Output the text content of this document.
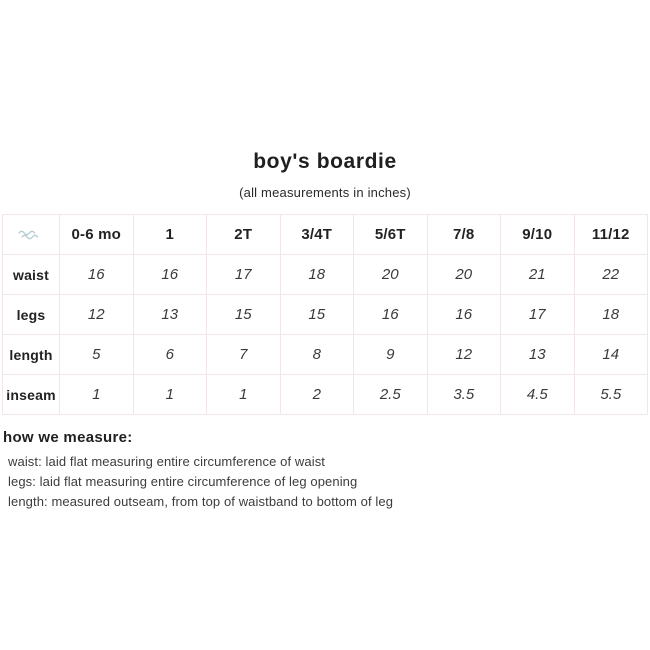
boy's boardie
(all measurements in inches)
	0-6 mo	1	2T	3/4T	5/6T	7/8	9/10	11/12
waist	16	16	17	18	20	20	21	22
legs	12	13	15	15	16	16	17	18
length	5	6	7	8	9	12	13	14
inseam	1	1	1	2	2.5	3.5	4.5	5.5
how we measure:
waist: laid flat measuring entire circumference of waist
legs: laid flat measuring entire circumference of leg opening
length: measured outseam, from top of waistband to bottom of leg
